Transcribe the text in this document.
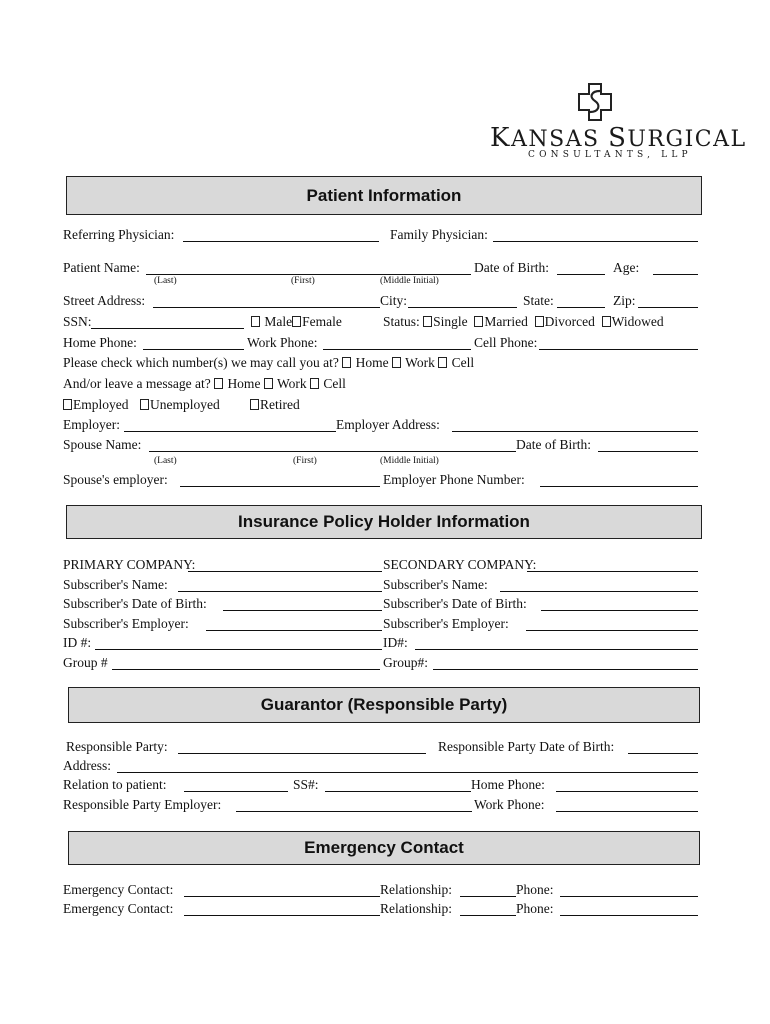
KANSAS SURGICAL
CONSULTANTS, LLP
Patient Information
Referring Physician:	Family Physician:
Patient Name:	Date of Birth:	Age:
(Last)	(First)	(Middle Initial)
Street Address:	City:	State:	Zip:
SSN:	Male Female	Status: Single Married Divorced Widowed
Home Phone:	Work Phone:	Cell Phone:
Please check which number(s) we may call you at? Home Work Cell
And/or leave a message at? Home Work Cell
Employed	Unemployed	Retired
Employer:	Employer Address:
Spouse Name:	Date of Birth:
(Last)	(First)	(Middle Initial)
Spouse's employer:	Employer Phone Number:
Insurance Policy Holder Information
PRIMARY COMPANY:	SECONDARY COMPANY:
Subscriber's Name:	Subscriber's Name:
Subscriber's Date of Birth:	Subscriber's Date of Birth:
Subscriber's Employer:	Subscriber's Employer:
ID #:	ID#:
Group #	Group#:
Guarantor (Responsible Party)
Responsible Party:	Responsible Party Date of Birth:
Address:
Relation to patient:	SS#:	Home Phone:
Responsible Party Employer:	Work Phone:
Emergency Contact
Emergency Contact:	Relationship:	Phone:
Emergency Contact:	Relationship:	Phone:
